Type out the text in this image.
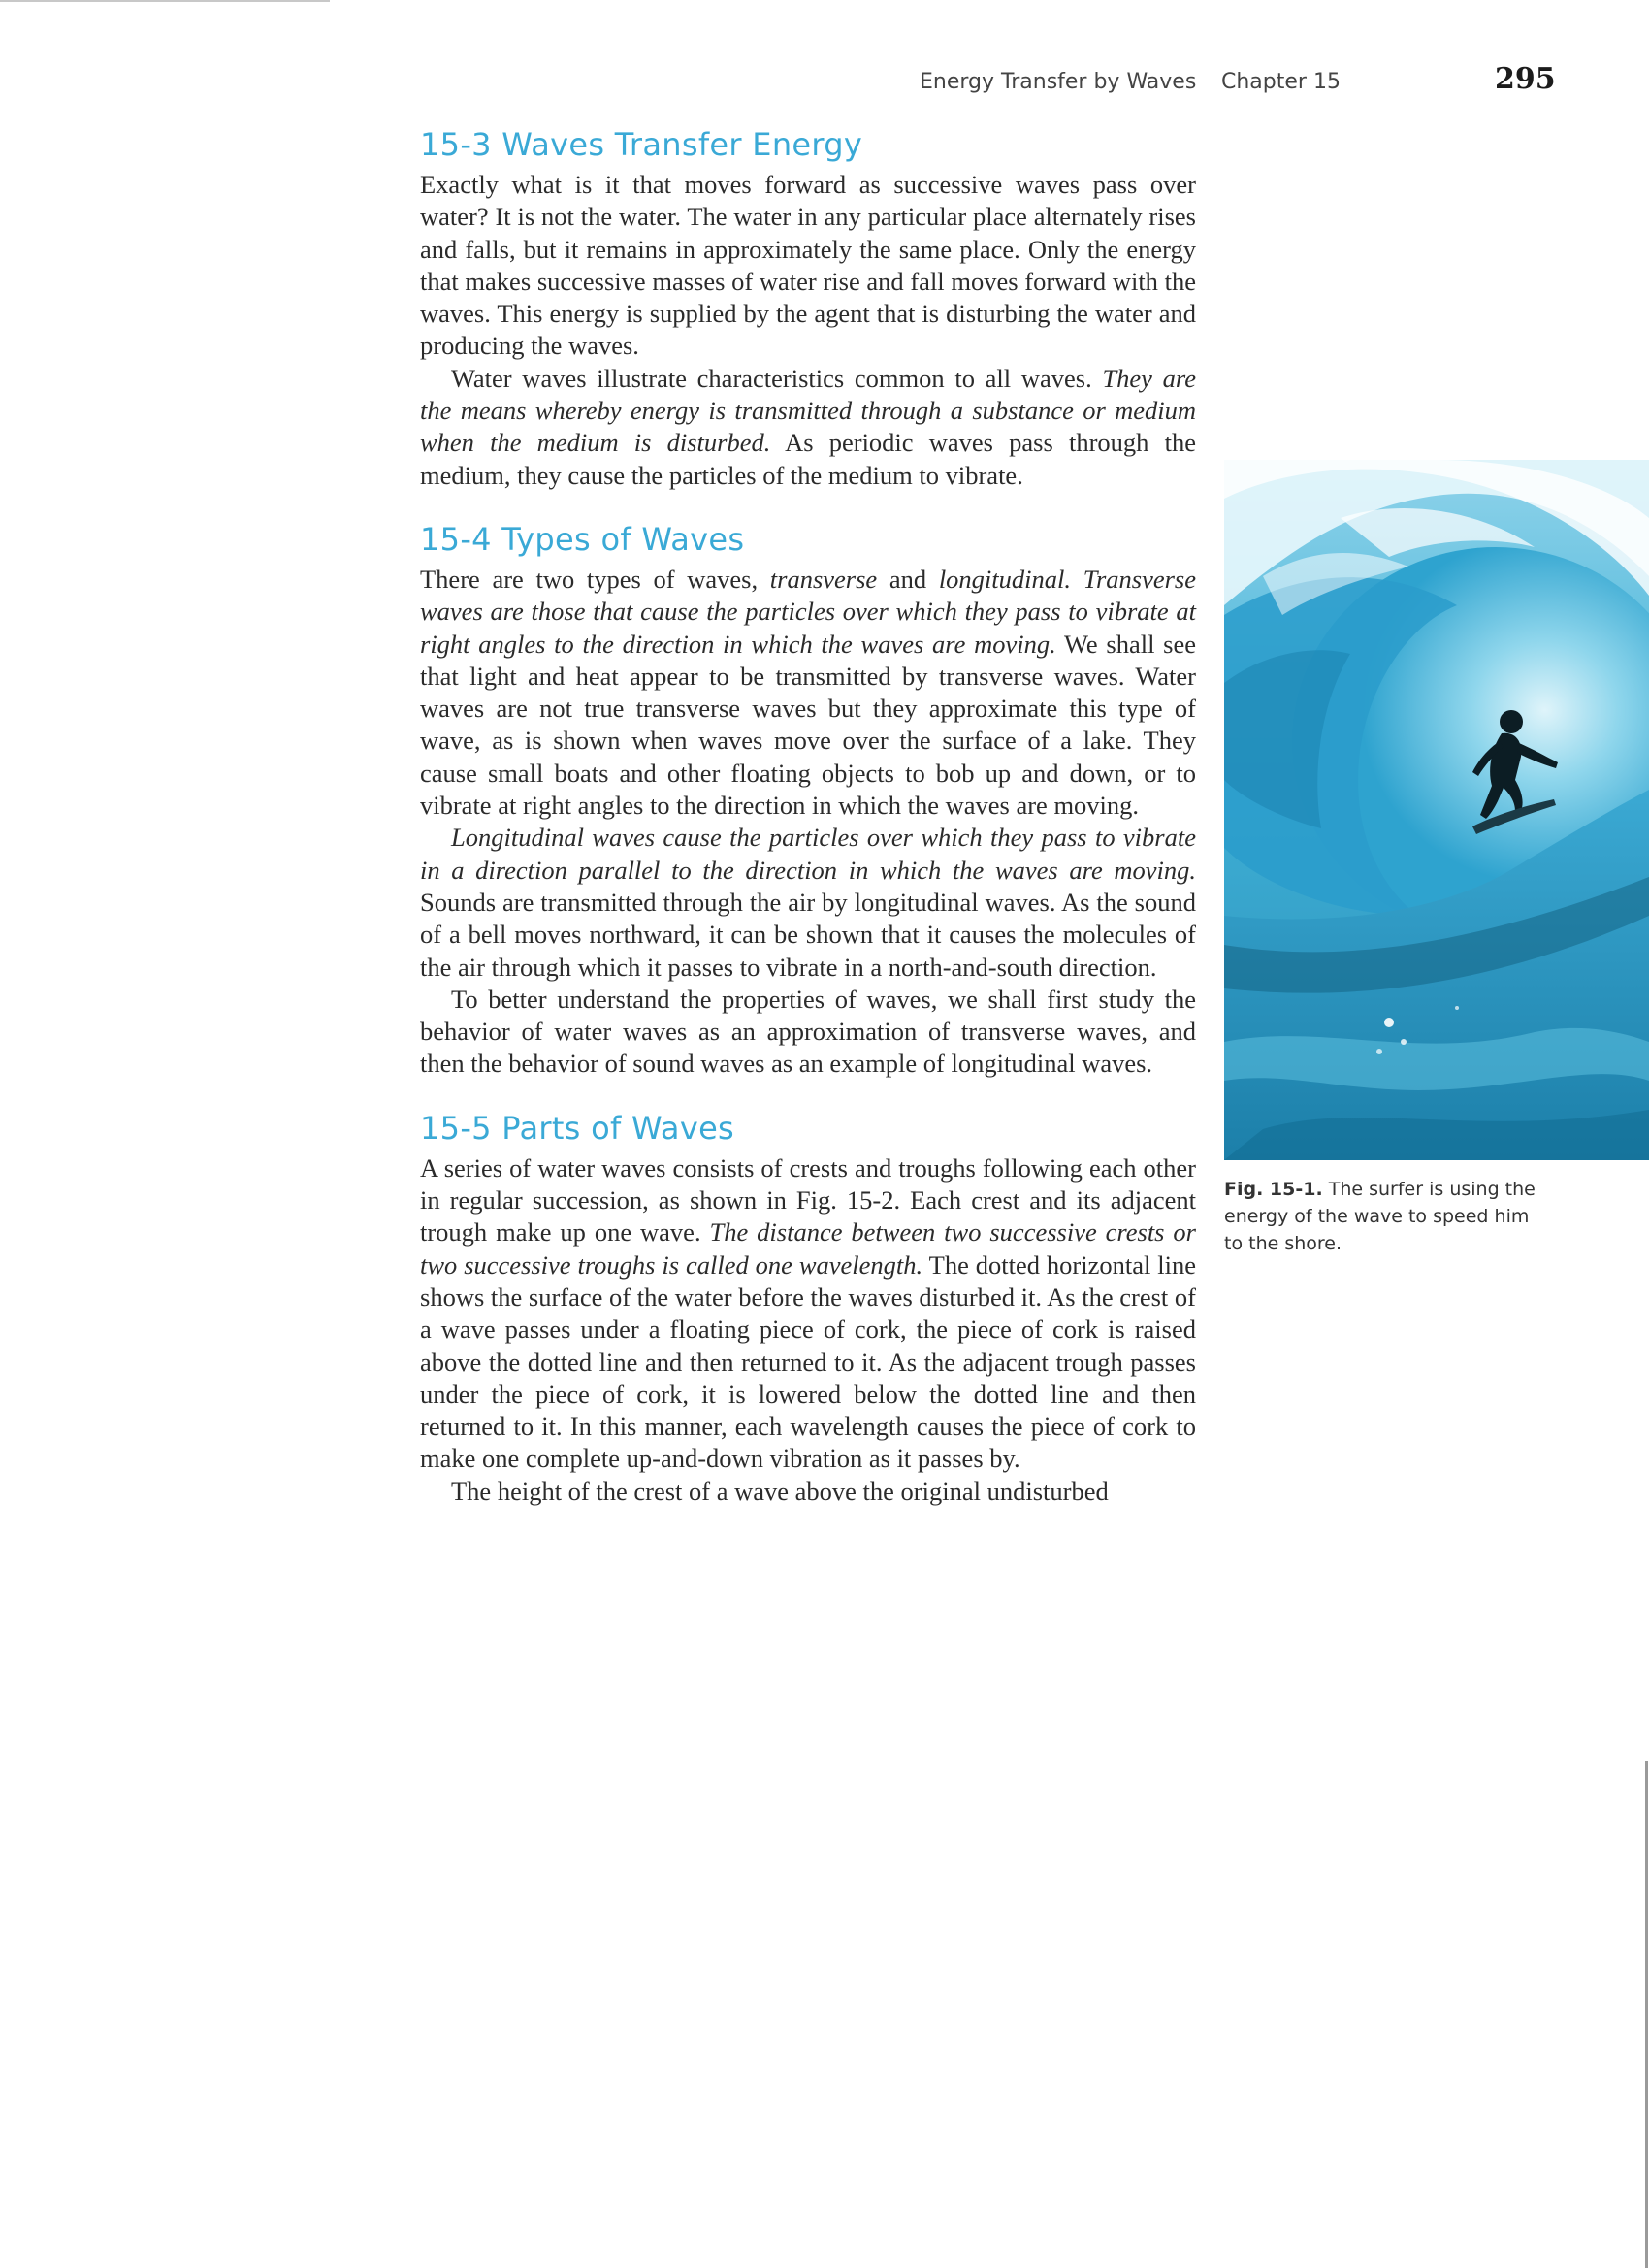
Energy Transfer by Waves Chapter 15	295
15-3 Waves Transfer Energy

Exactly what is it that moves forward as successive waves pass over water? It is not the water. The water in any particular place alternately rises and falls, but it remains in approximately the same place. Only the energy that makes successive masses of water rise and fall moves forward with the waves. This energy is supplied by the agent that is disturbing the water and producing the waves.

Water waves illustrate characteristics common to all waves. They are the means whereby energy is transmitted through a substance or medium when the medium is disturbed. As periodic waves pass through the medium, they cause the particles of the medium to vibrate.

15-4 Types of Waves

There are two types of waves, transverse and longitudinal. Transverse waves are those that cause the particles over which they pass to vibrate at right angles to the direction in which the waves are moving. We shall see that light and heat appear to be transmitted by transverse waves. Water waves are not true transverse waves but they approximate this type of wave, as is shown when waves move over the surface of a lake. They cause small boats and other floating objects to bob up and down, or to vibrate at right angles to the direction in which the waves are moving.

Longitudinal waves cause the particles over which they pass to vibrate in a direction parallel to the direction in which the waves are moving. Sounds are transmitted through the air by longitudinal waves. As the sound of a bell moves northward, it can be shown that it causes the molecules of the air through which it passes to vibrate in a north-and-south direction.

To better understand the properties of waves, we shall first study the behavior of water waves as an approximation of transverse waves, and then the behavior of sound waves as an example of longitudinal waves.

15-5 Parts of Waves

A series of water waves consists of crests and troughs following each other in regular succession, as shown in Fig. 15-2. Each crest and its adjacent trough make up one wave. The distance between two successive crests or two successive troughs is called one wavelength. The dotted horizontal line shows the surface of the water before the waves disturbed it. As the crest of a wave passes under a floating piece of cork, the piece of cork is raised above the dotted line and then returned to it. As the adjacent trough passes under the piece of cork, it is lowered below the dotted line and then returned to it. In this manner, each wavelength causes the piece of cork to make one complete up-and-down vibration as it passes by.

The height of the crest of a wave above the original undisturbed

Fig. 15-1. The surfer is using the energy of the wave to speed him to the shore.
